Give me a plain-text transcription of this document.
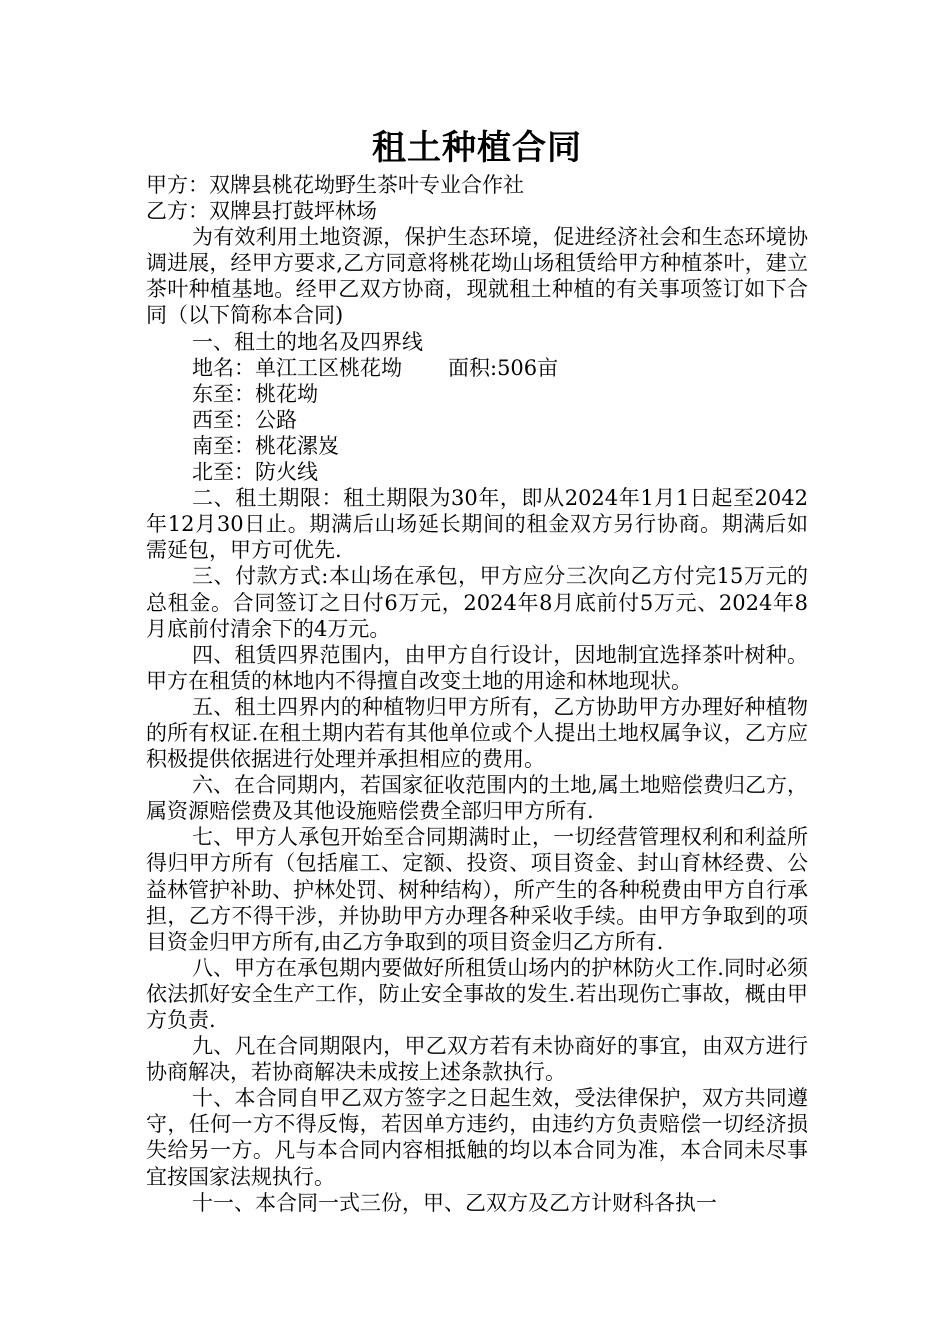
租土种植合同

甲方：双牌县桃花坳野生茶叶专业合作社

乙方：双牌县打鼓坪林场

为有效利用土地资源，保护生态环境，促进经济社会和生态环境协调进展，经甲方要求,乙方同意将桃花坳山场租赁给甲方种植茶叶，建立茶叶种植基地。经甲乙双方协商，现就租土种植的有关事项签订如下合同（以下简称本合同)

一、租土的地名及四界线

地名：单江工区桃花坳 面积:506亩

东至：桃花坳

西至：公路

南至：桃花漯岌

北至：防火线

二、租土期限：租土期限为30年，即从2024年1月1日起至2042年12月30日止。期满后山场延长期间的租金双方另行协商。期满后如需延包，甲方可优先.

三、付款方式:本山场在承包，甲方应分三次向乙方付完15万元的总租金。合同签订之日付6万元，2024年8月底前付5万元、2024年8月底前付清余下的4万元。

四、租赁四界范围内，由甲方自行设计，因地制宜选择茶叶树种。甲方在租赁的林地内不得擅自改变土地的用途和林地现状。

五、租土四界内的种植物归甲方所有，乙方协助甲方办理好种植物的所有权证.在租土期内若有其他单位或个人提出土地权属争议，乙方应积极提供依据进行处理并承担相应的费用。

六、在合同期内，若国家征收范围内的土地,属土地赔偿费归乙方，属资源赔偿费及其他设施赔偿费全部归甲方所有.

七、甲方人承包开始至合同期满时止，一切经营管理权利和利益所得归甲方所有（包括雇工、定额、投资、项目资金、封山育林经费、公益林管护补助、护林处罚、树种结构），所产生的各种税费由甲方自行承担，乙方不得干涉，并协助甲方办理各种采收手续。由甲方争取到的项目资金归甲方所有,由乙方争取到的项目资金归乙方所有.

八、甲方在承包期内要做好所租赁山场内的护林防火工作.同时必须依法抓好安全生产工作，防止安全事故的发生.若出现伤亡事故，概由甲方负责.

九、凡在合同期限内，甲乙双方若有未协商好的事宜，由双方进行协商解决，若协商解决未成按上述条款执行。

十、本合同自甲乙双方签字之日起生效，受法律保护，双方共同遵守，任何一方不得反悔，若因单方违约，由违约方负责赔偿一切经济损失给另一方。凡与本合同内容相抵触的均以本合同为准，本合同未尽事宜按国家法规执行。

十一、本合同一式三份，甲、乙双方及乙方计财科各执一
